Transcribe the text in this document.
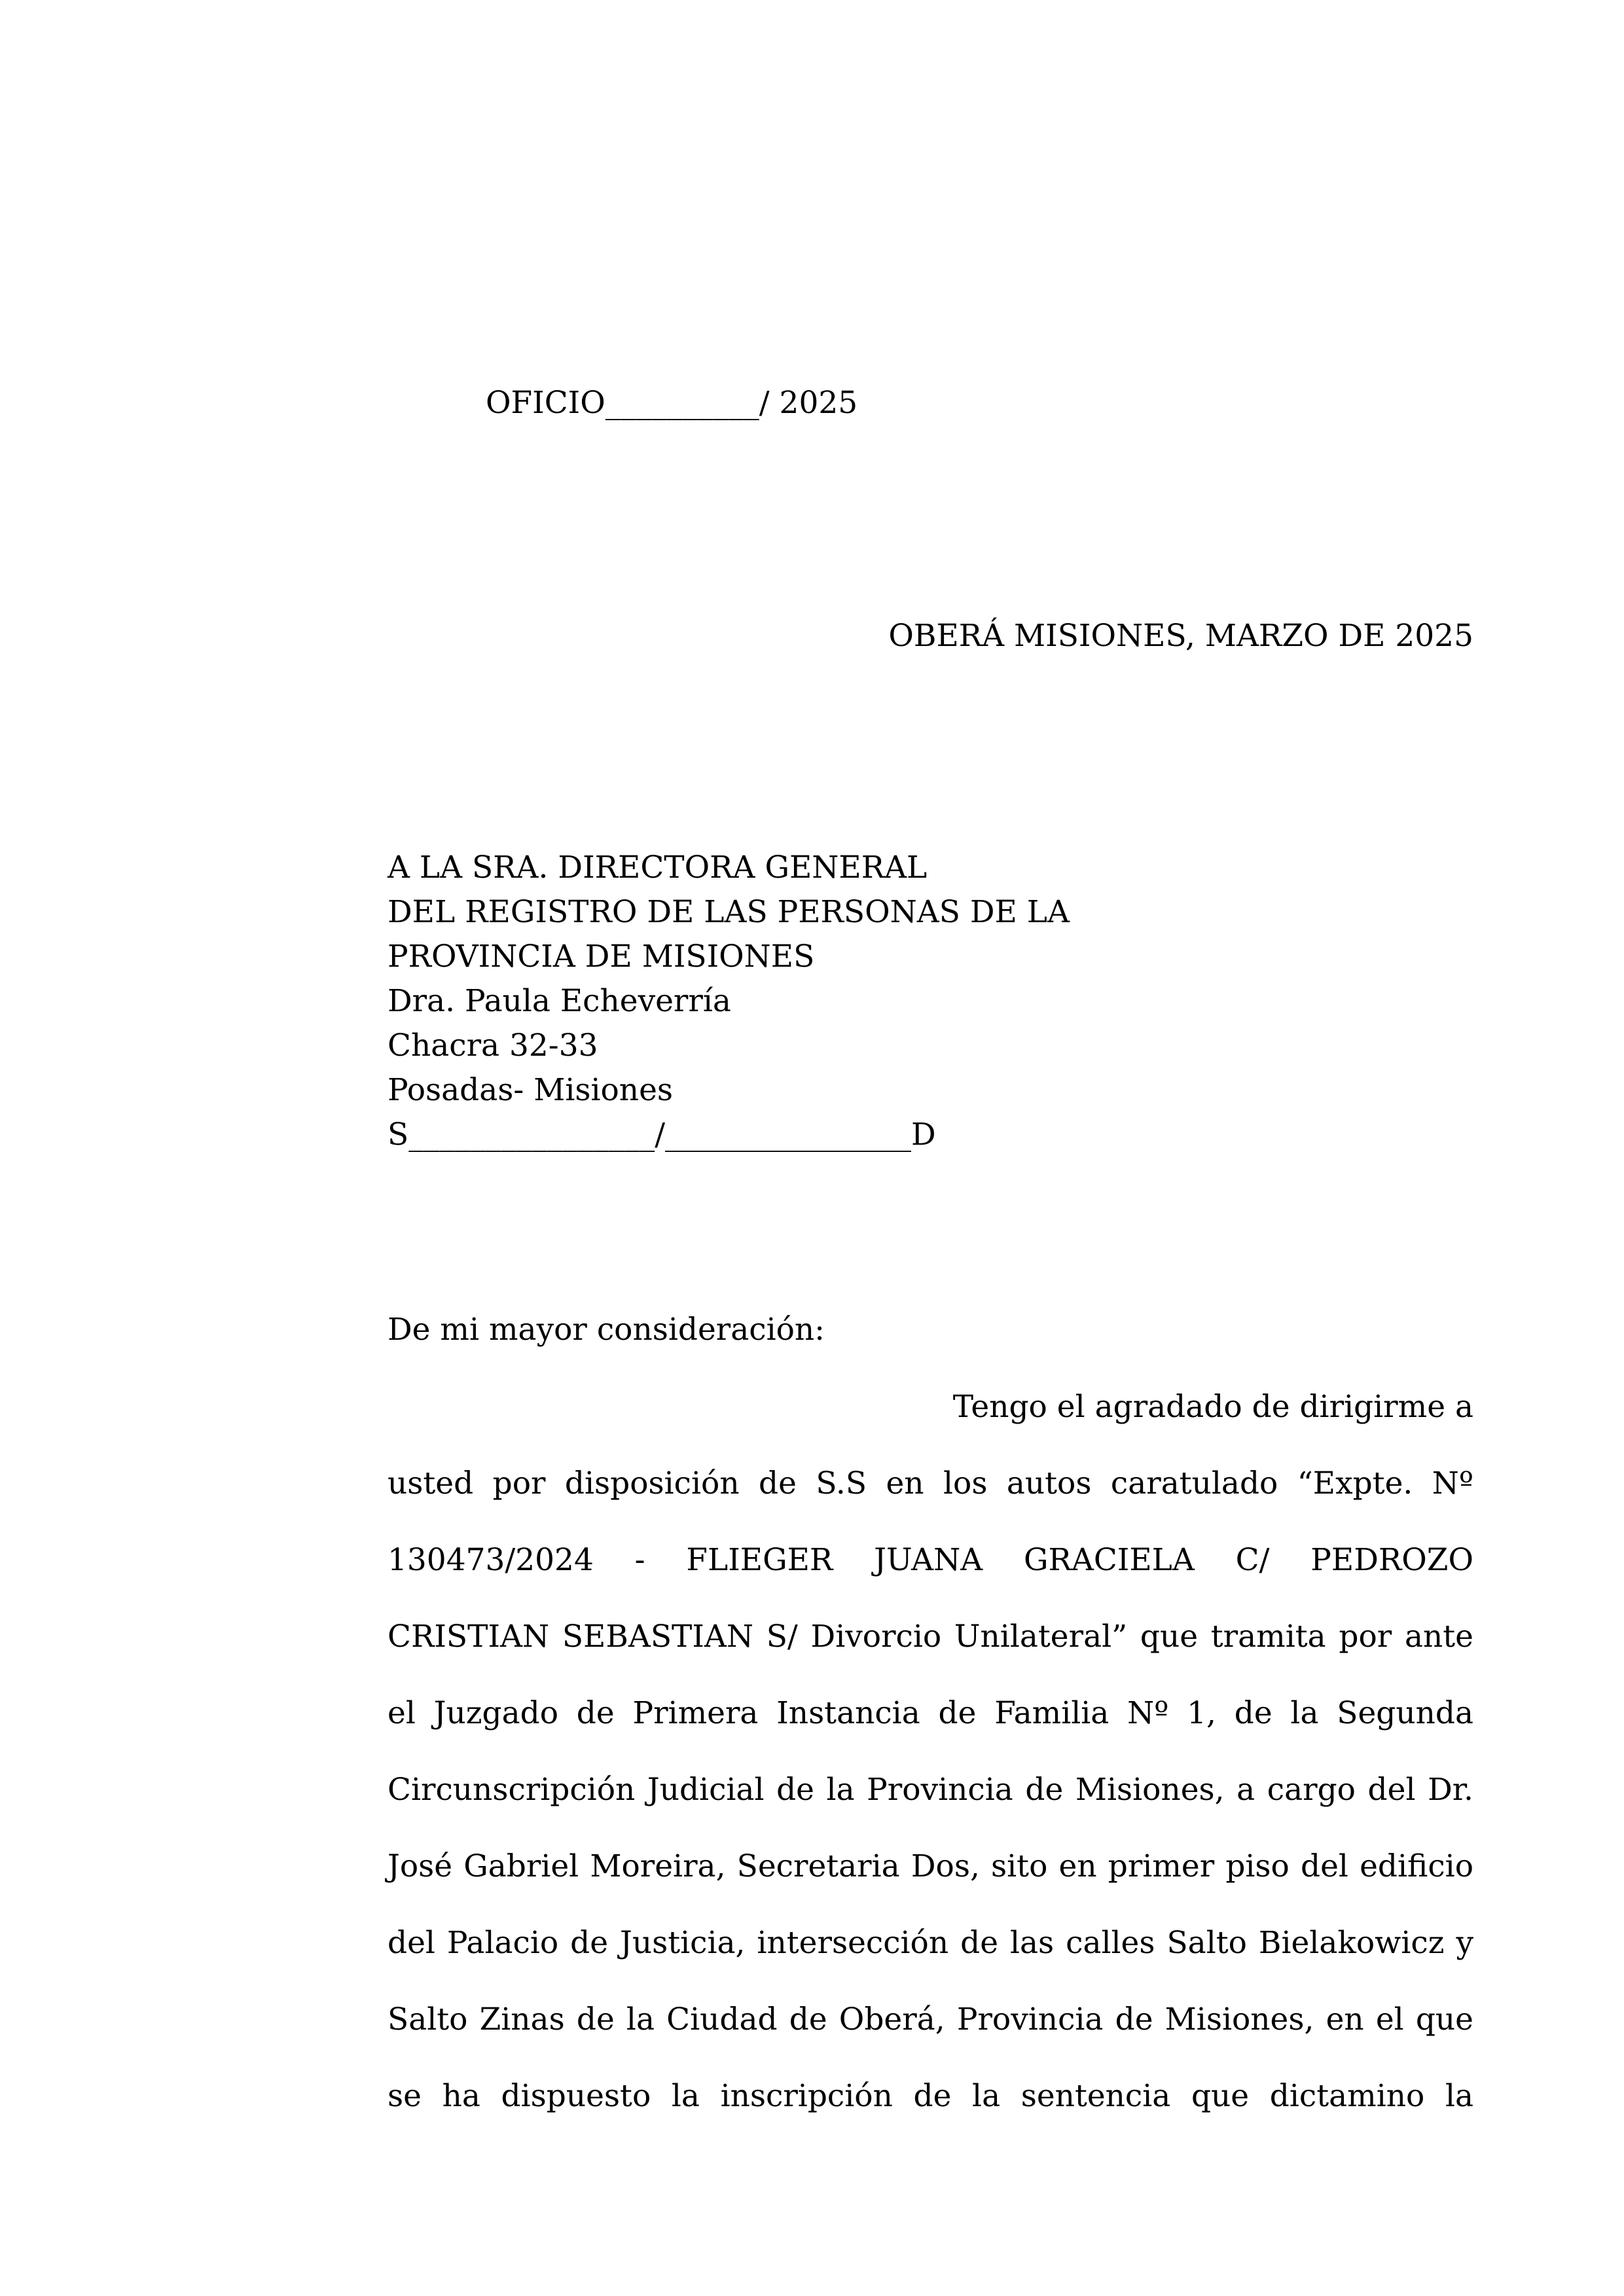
OFICIO__________/ 2025
OBERÁ MISIONES, MARZO DE 2025
A LA SRA. DIRECTORA GENERAL
DEL REGISTRO DE LAS PERSONAS DE LA
PROVINCIA DE MISIONES
Dra. Paula Echeverría
Chacra 32-33
Posadas- Misiones
S________________/________________D
De mi mayor consideración:
Tengo el agradado de dirigirme a
usted por disposición de S.S en los autos caratulado “Expte. Nº
130473/2024 - FLIEGER JUANA GRACIELA C/ PEDROZO
CRISTIAN SEBASTIAN S/ Divorcio Unilateral” que tramita por ante
el Juzgado de Primera Instancia de Familia Nº 1, de la Segunda
Circunscripción Judicial de la Provincia de Misiones, a cargo del Dr.
José Gabriel Moreira, Secretaria Dos, sito en primer piso del edificio
del Palacio de Justicia, intersección de las calles Salto Bielakowicz y
Salto Zinas de la Ciudad de Oberá, Provincia de Misiones, en el que
se ha dispuesto la inscripción de la sentencia que dictamino la
